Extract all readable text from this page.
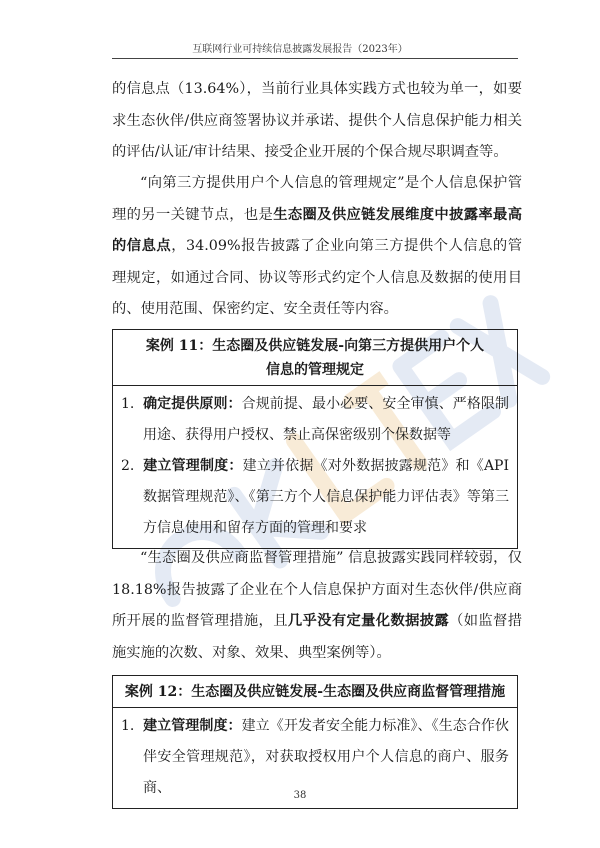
互联网行业可持续信息披露发展报告（2023年）

的信息点（13.64%），当前行业具体实践方式也较为单一，如要求生态伙伴/供应商签署协议并承诺、提供个人信息保护能力相关的评估/认证/审计结果、接受企业开展的个保合规尽职调查等。

“向第三方提供用户个人信息的管理规定”是个人信息保护管理的另一关键节点，也是生态圈及供应链发展维度中披露率最高的信息点，34.09%报告披露了企业向第三方提供个人信息的管理规定，如通过合同、协议等形式约定个人信息及数据的使用目的、使用范围、保密约定、安全责任等内容。

案例 11：生态圈及供应链发展-向第三方提供用户个人信息的管理规定
1. 确定提供原则：合规前提、最小必要、安全审慎、严格限制用途、获得用户授权、禁止高保密级别个保数据等
2. 建立管理制度：建立并依据《对外数据披露规范》和《API 数据管理规范》、《第三方个人信息保护能力评估表》等第三方信息使用和留存方面的管理和要求

“生态圈及供应商监督管理措施” 信息披露实践同样较弱，仅 18.18%报告披露了企业在个人信息保护方面对生态伙伴/供应商所开展的监督管理措施，且几乎没有定量化数据披露（如监督措施实施的次数、对象、效果、典型案例等）。

案例 12：生态圈及供应链发展-生态圈及供应商监督管理措施
1. 建立管理制度：建立《开发者安全能力标准》、《生态合作伙伴安全管理规范》，对获取授权用户个人信息的商户、服务商、	38
